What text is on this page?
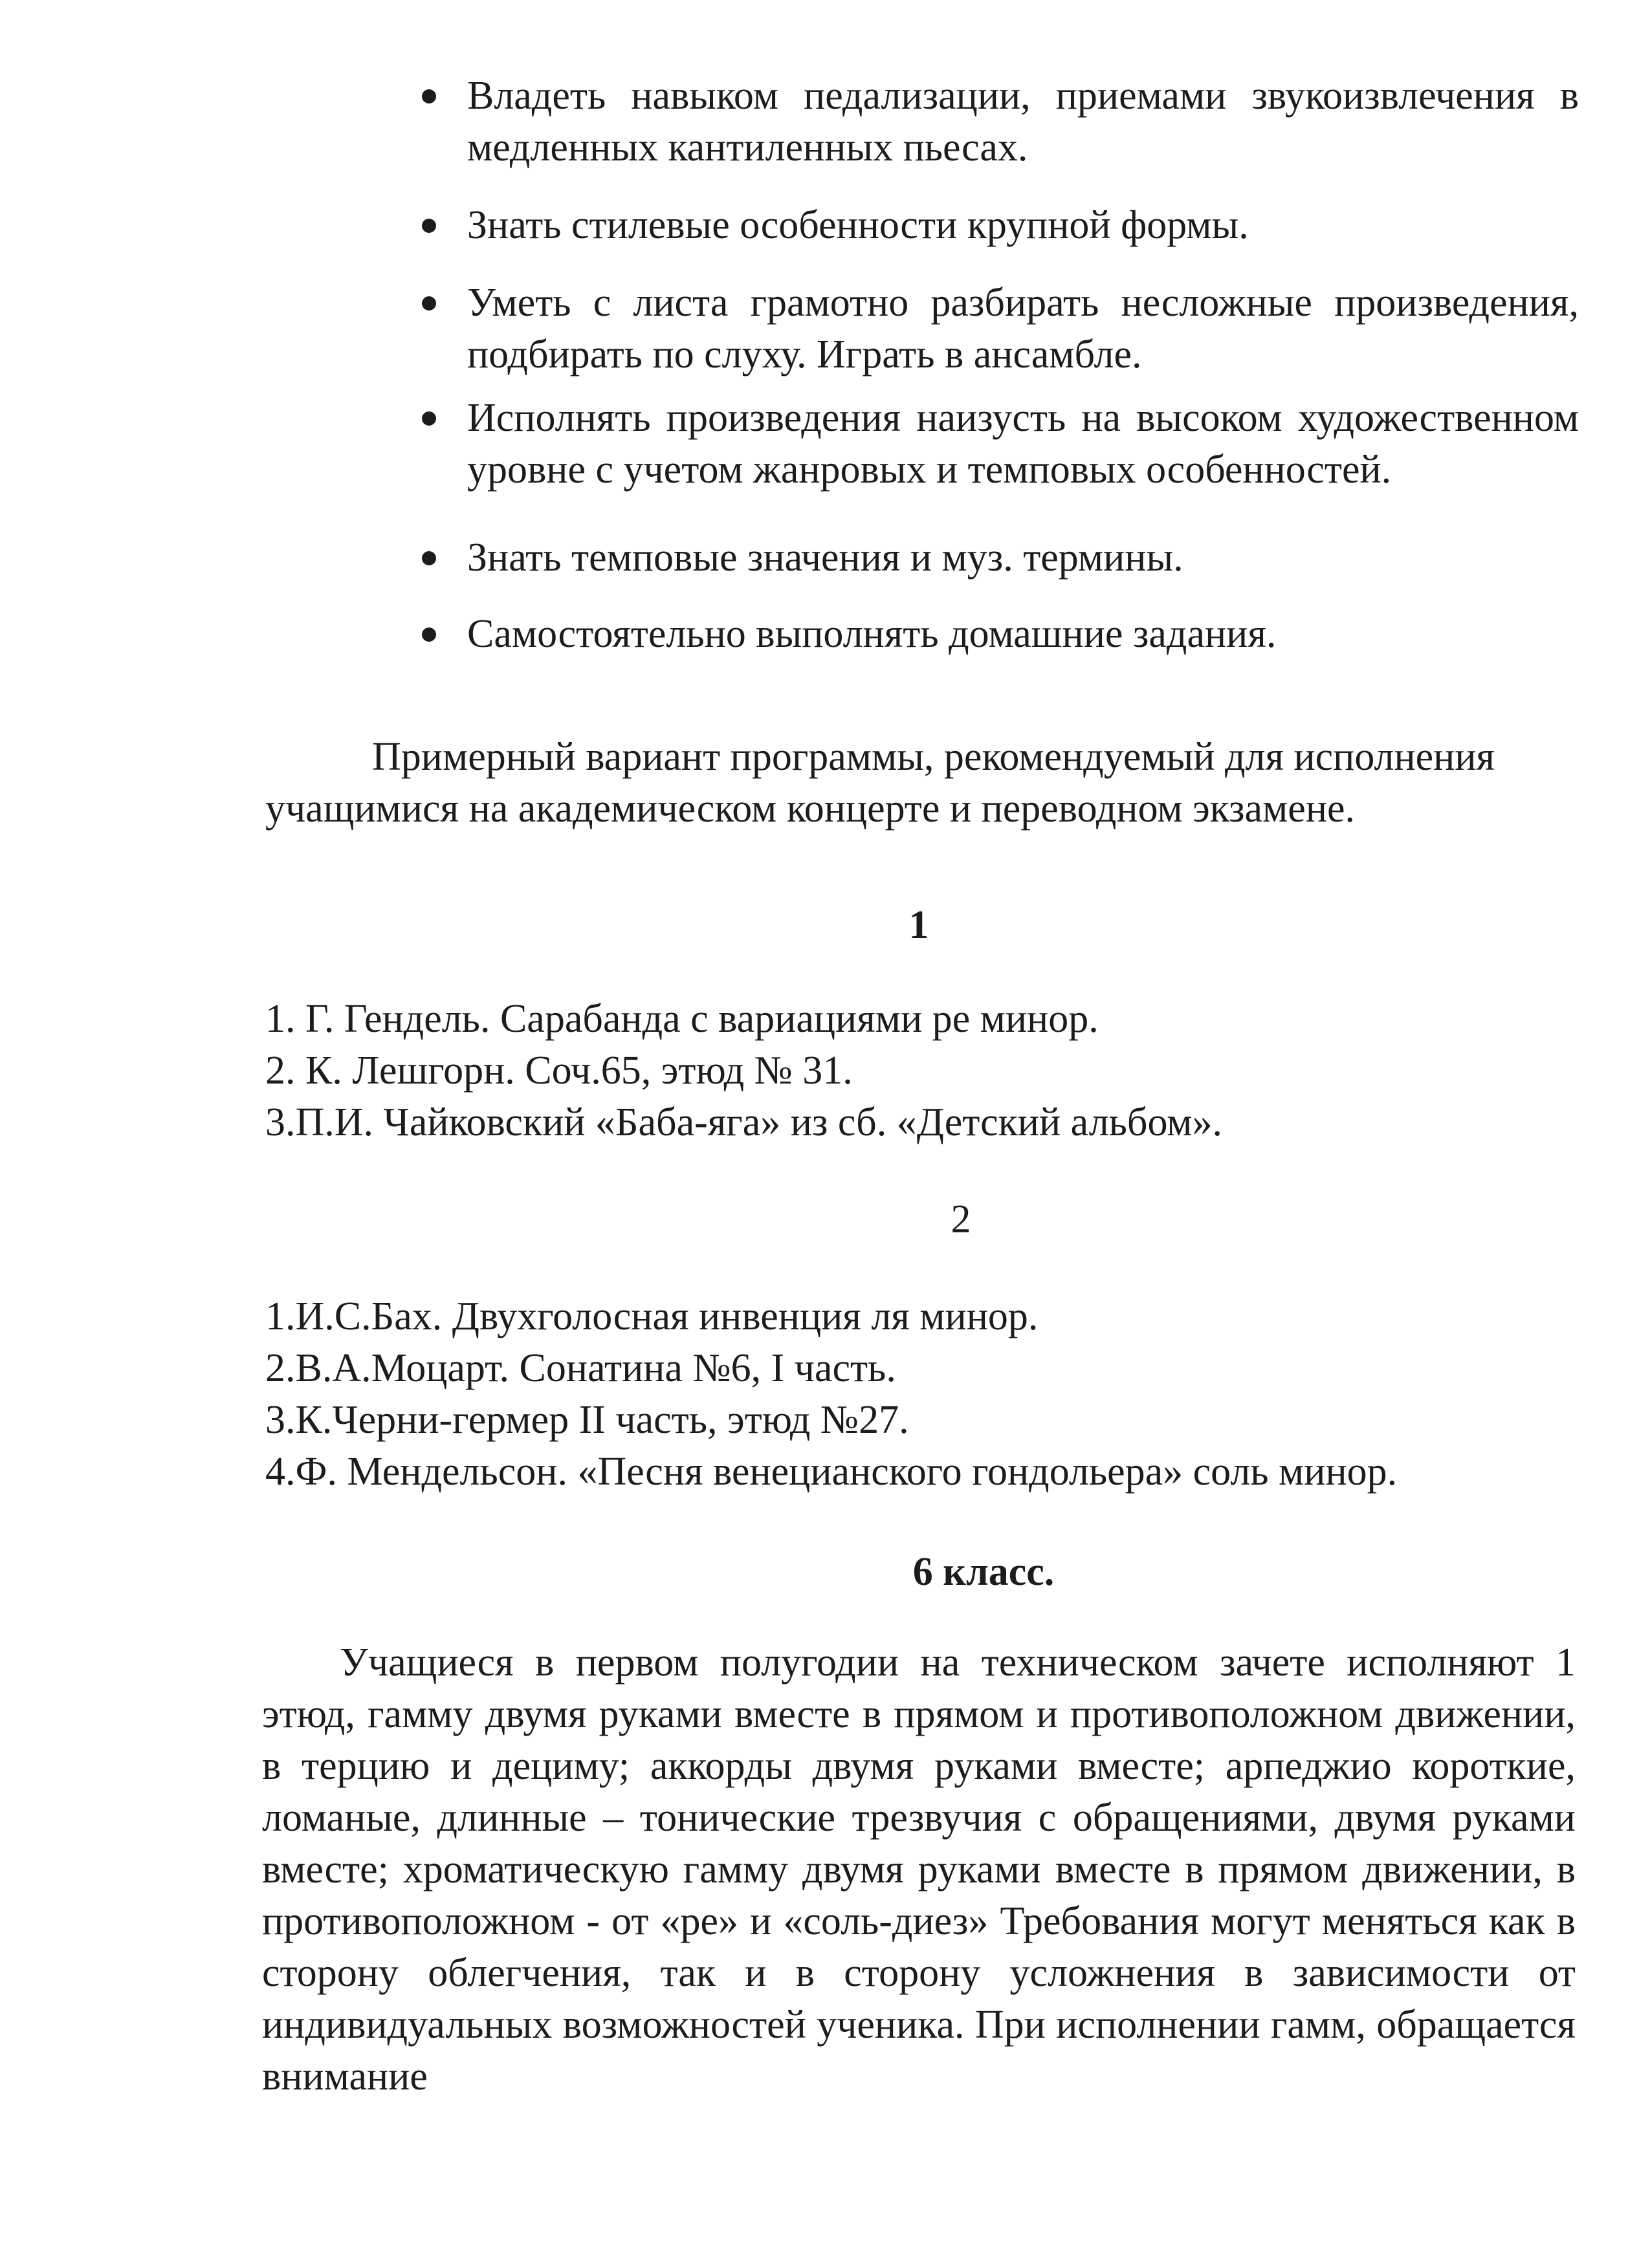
Владеть навыком педализации, приемами звукоизвлечения в медленных кантиленных пьесах.
Знать стилевые особенности крупной формы.
Уметь с листа грамотно разбирать несложные произведения, подбирать по слуху. Играть в ансамбле.
Исполнять произведения наизусть на высоком художественном уровне с учетом жанровых и темповых особенностей.
Знать темповые значения и муз. термины.
Самостоятельно выполнять домашние задания.

Примерный вариант программы, рекомендуемый для исполнения учащимися на академическом концерте и переводном экзамене.

1
1. Г. Гендель. Сарабанда с вариациями ре минор.
2. К. Лешгорн. Соч.65, этюд № 31.
3.П.И. Чайковский «Баба-яга» из сб. «Детский альбом».
2
1.И.С.Бах. Двухголосная инвенция ля минор.
2.В.А.Моцарт. Сонатина №6, I часть.
3.К.Черни-гермер II часть, этюд №27.
4.Ф. Мендельсон. «Песня венецианского гондольера» соль минор.
6 класс.

Учащиеся в первом полугодии на техническом зачете исполняют 1 этюд, гамму двумя руками вместе в прямом и противоположном движении, в терцию и дециму; аккорды двумя руками вместе; арпеджио короткие, ломаные, длинные – тонические трезвучия с обращениями, двумя руками вместе; хроматическую гамму двумя руками вместе в прямом движении, в противоположном - от «ре» и «соль-диез» Требования могут меняться как в сторону облегчения, так и в сторону усложнения в зависимости от индивидуальных возможностей ученика. При исполнении гамм, обращается внимание
